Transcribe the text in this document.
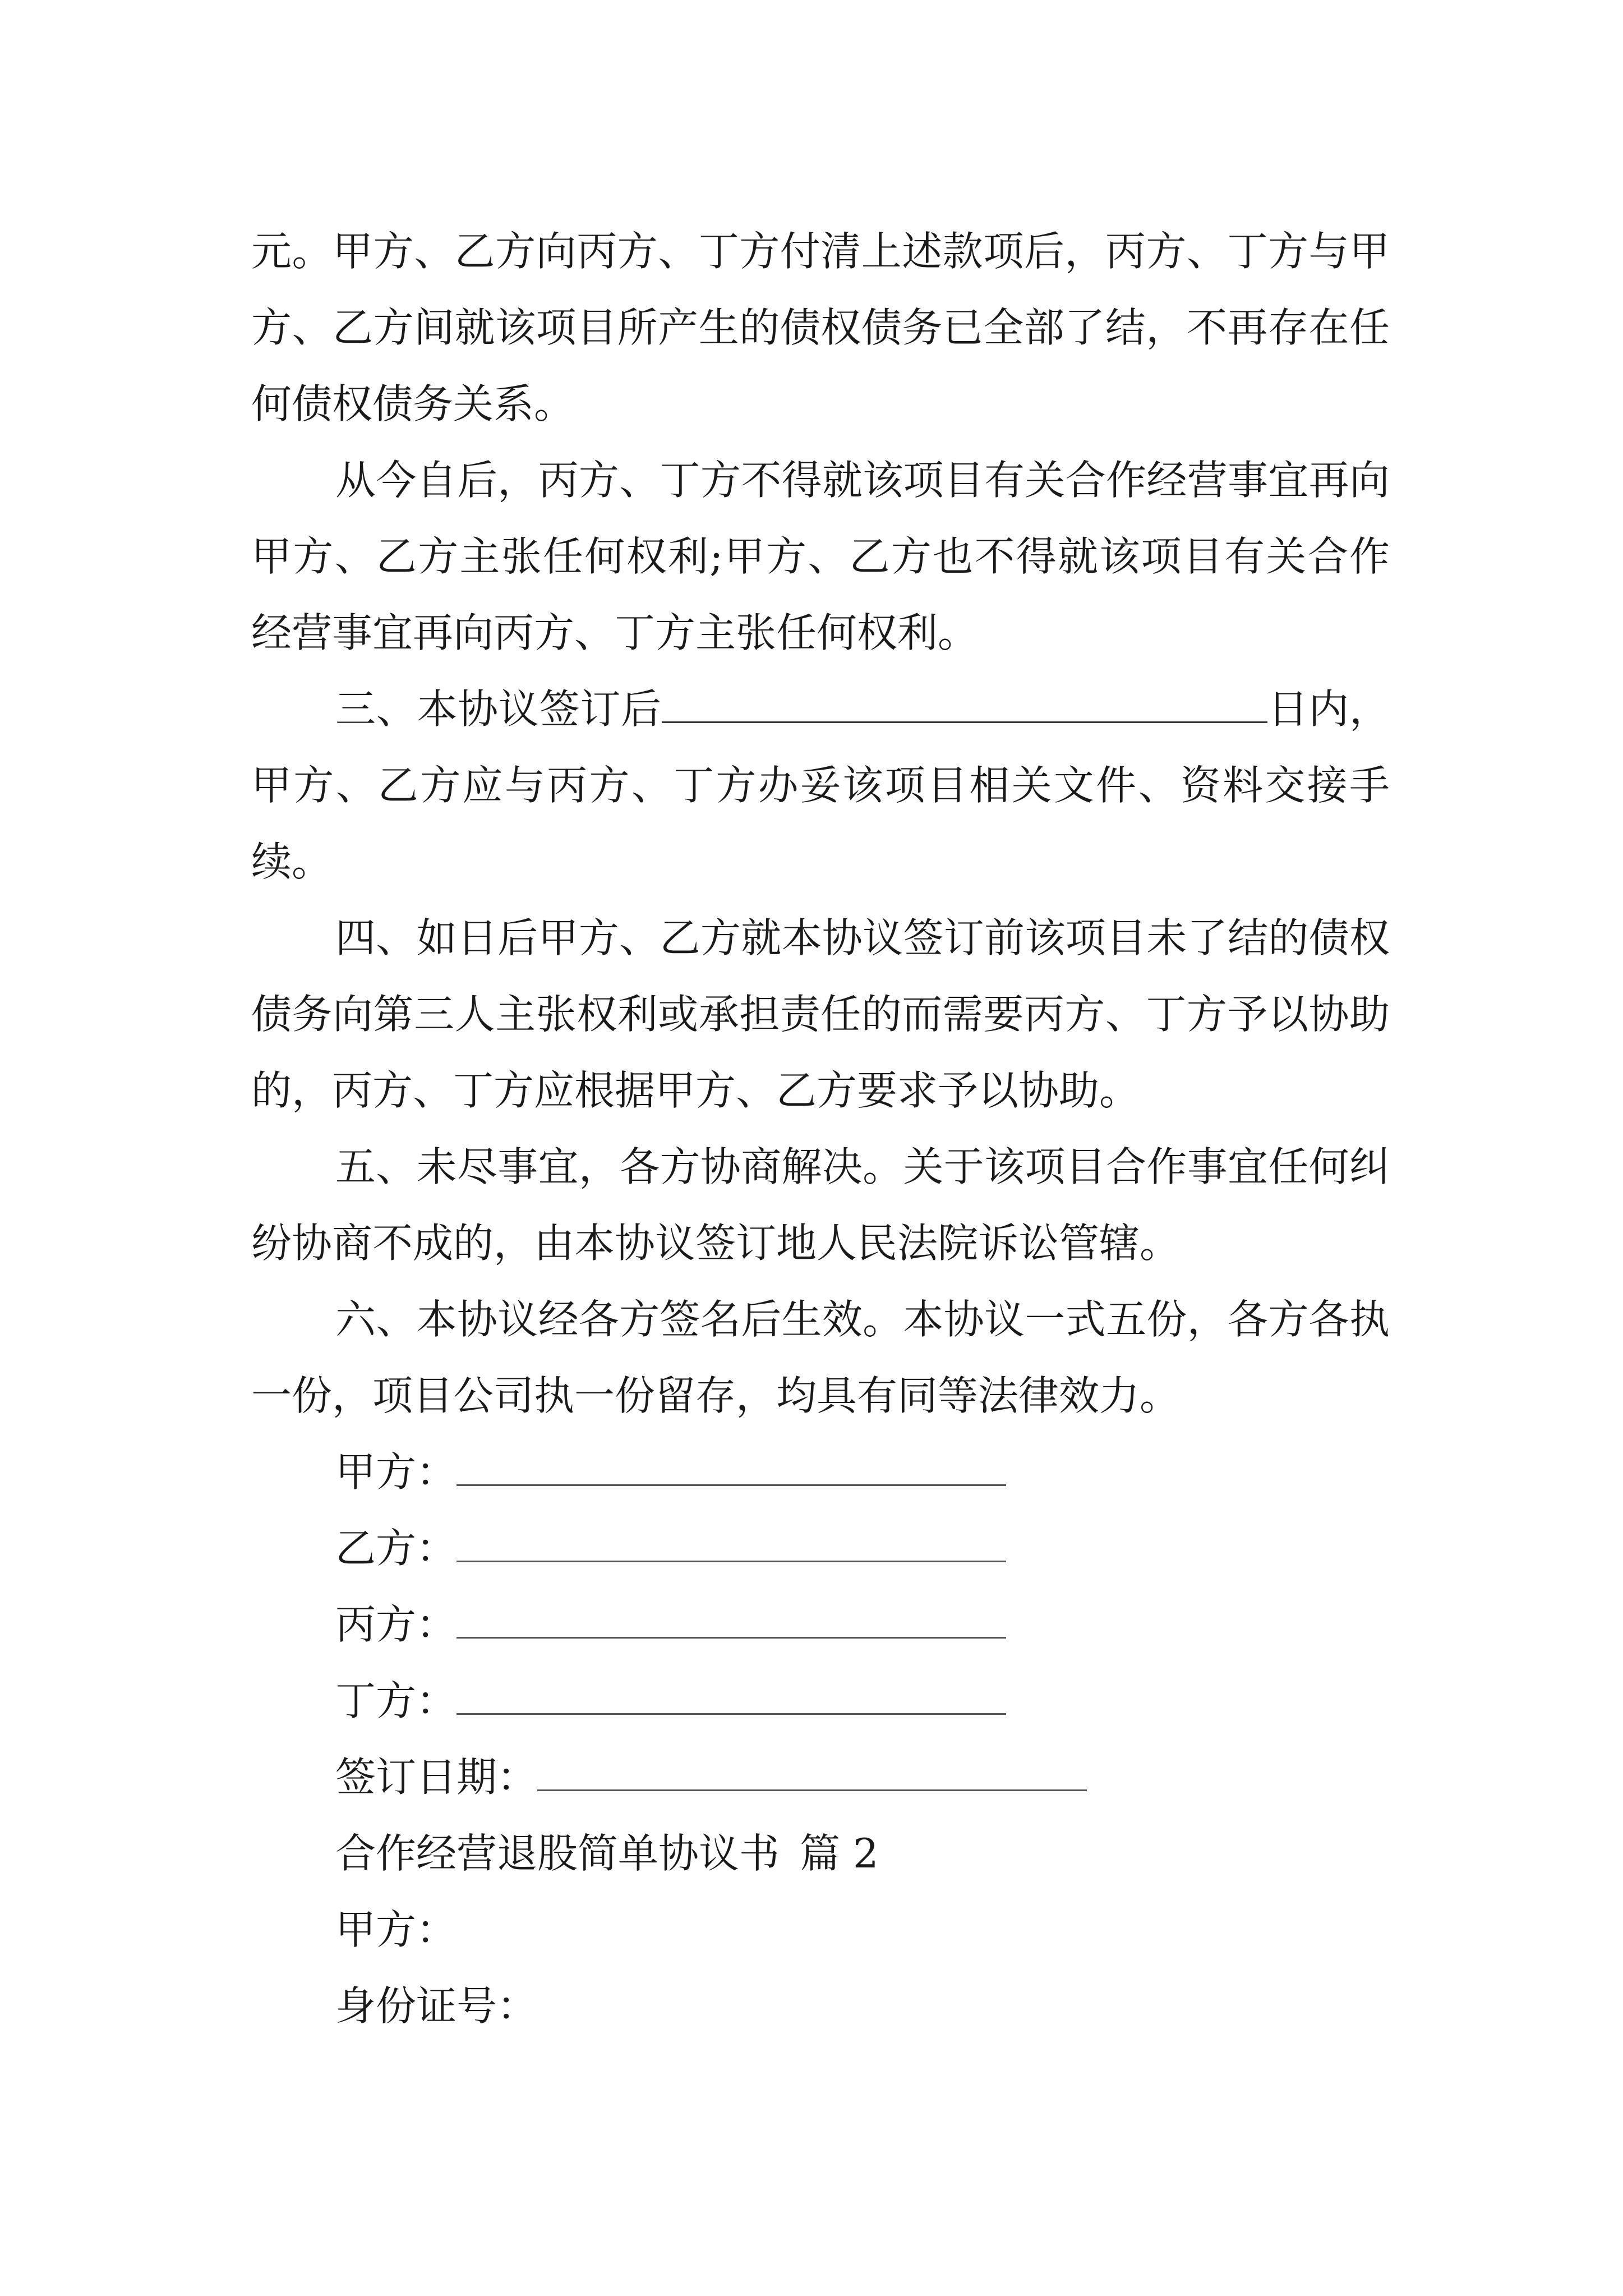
元。甲方、乙方向丙方、丁方付清上述款项后，丙方、丁方与甲方、乙方间就该项目所产生的债权债务已全部了结，不再存在任何债权债务关系。

从今自后，丙方、丁方不得就该项目有关合作经营事宜再向甲方、乙方主张任何权利;甲方、乙方也不得就该项目有关合作经营事宜再向丙方、丁方主张任何权利。

三、本协议签订后	日内，甲方、乙方应与丙方、丁方办妥该项目相关文件、资料交接手续。

四、如日后甲方、乙方就本协议签订前该项目未了结的债权债务向第三人主张权利或承担责任的而需要丙方、丁方予以协助的，丙方、丁方应根据甲方、乙方要求予以协助。

五、未尽事宜，各方协商解决。关于该项目合作事宜任何纠纷协商不成的，由本协议签订地人民法院诉讼管辖。

六、本协议经各方签名后生效。本协议一式五份，各方各执一份，项目公司执一份留存，均具有同等法律效力。

甲方：

乙方：

丙方：

丁方：

签订日期：

合作经营退股简单协议书 篇 2

甲方：

身份证号：
